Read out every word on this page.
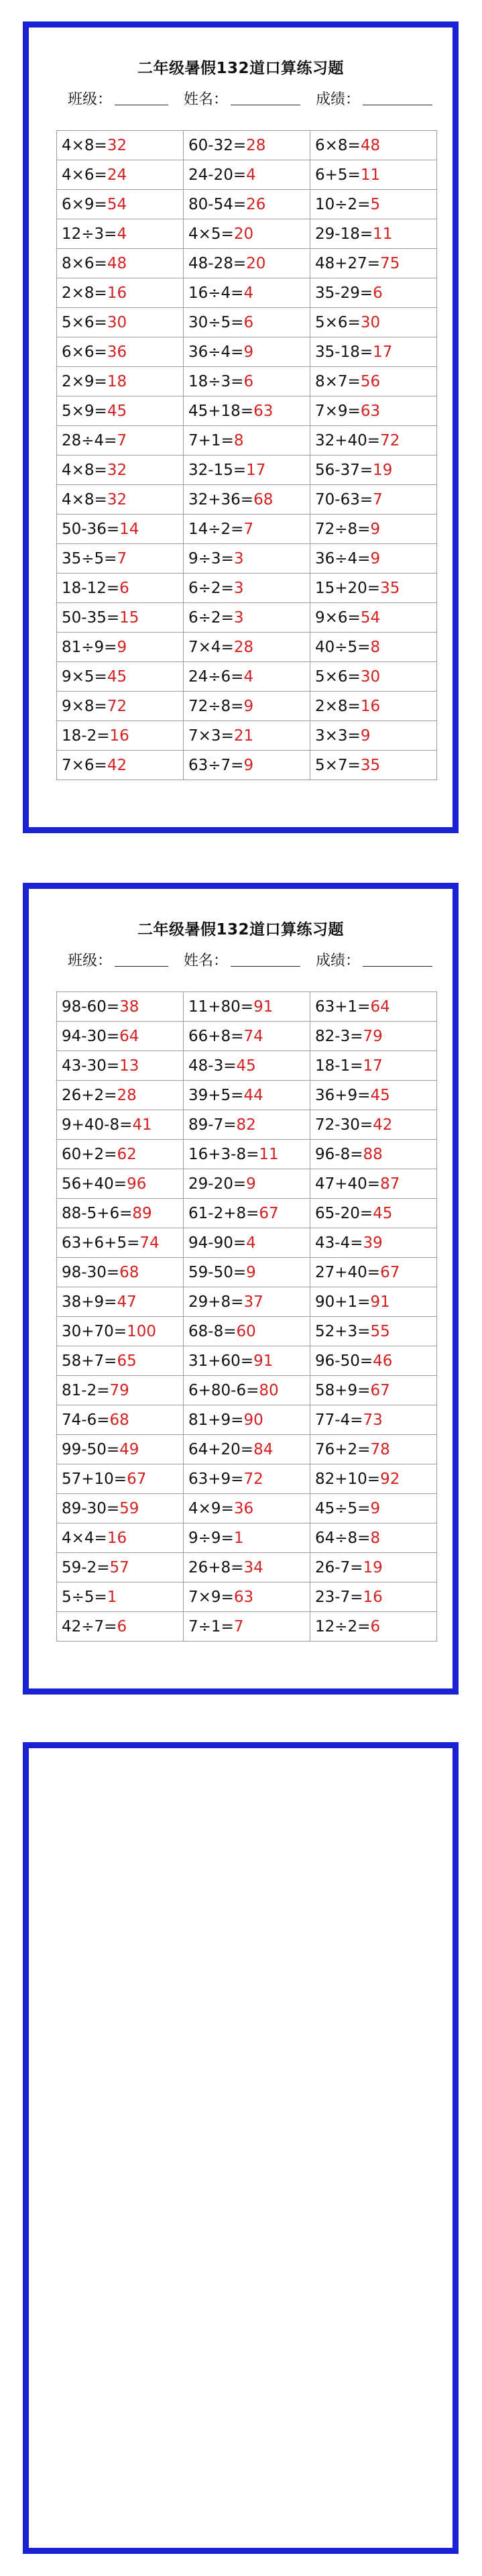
二年级暑假132道口算练习题
班级：	姓名：	成绩：
4×8=32	60-32=28	6×8=48
4×6=24	24-20=4	6+5=11
6×9=54	80-54=26	10÷2=5
12÷3=4	4×5=20	29-18=11
8×6=48	48-28=20	48+27=75
2×8=16	16÷4=4	35-29=6
5×6=30	30÷5=6	5×6=30
6×6=36	36÷4=9	35-18=17
2×9=18	18÷3=6	8×7=56
5×9=45	45+18=63	7×9=63
28÷4=7	7+1=8	32+40=72
4×8=32	32-15=17	56-37=19
4×8=32	32+36=68	70-63=7
50-36=14	14÷2=7	72÷8=9
35÷5=7	9÷3=3	36÷4=9
18-12=6	6÷2=3	15+20=35
50-35=15	6÷2=3	9×6=54
81÷9=9	7×4=28	40÷5=8
9×5=45	24÷6=4	5×6=30
9×8=72	72÷8=9	2×8=16
18-2=16	7×3=21	3×3=9
7×6=42	63÷7=9	5×7=35
二年级暑假132道口算练习题
班级：	姓名：	成绩：
98-60=38	11+80=91	63+1=64
94-30=64	66+8=74	82-3=79
43-30=13	48-3=45	18-1=17
26+2=28	39+5=44	36+9=45
9+40-8=41	89-7=82	72-30=42
60+2=62	16+3-8=11	96-8=88
56+40=96	29-20=9	47+40=87
88-5+6=89	61-2+8=67	65-20=45
63+6+5=74	94-90=4	43-4=39
98-30=68	59-50=9	27+40=67
38+9=47	29+8=37	90+1=91
30+70=100	68-8=60	52+3=55
58+7=65	31+60=91	96-50=46
81-2=79	6+80-6=80	58+9=67
74-6=68	81+9=90	77-4=73
99-50=49	64+20=84	76+2=78
57+10=67	63+9=72	82+10=92
89-30=59	4×9=36	45÷5=9
4×4=16	9÷9=1	64÷8=8
59-2=57	26+8=34	26-7=19
5÷5=1	7×9=63	23-7=16
42÷7=6	7÷1=7	12÷2=6
